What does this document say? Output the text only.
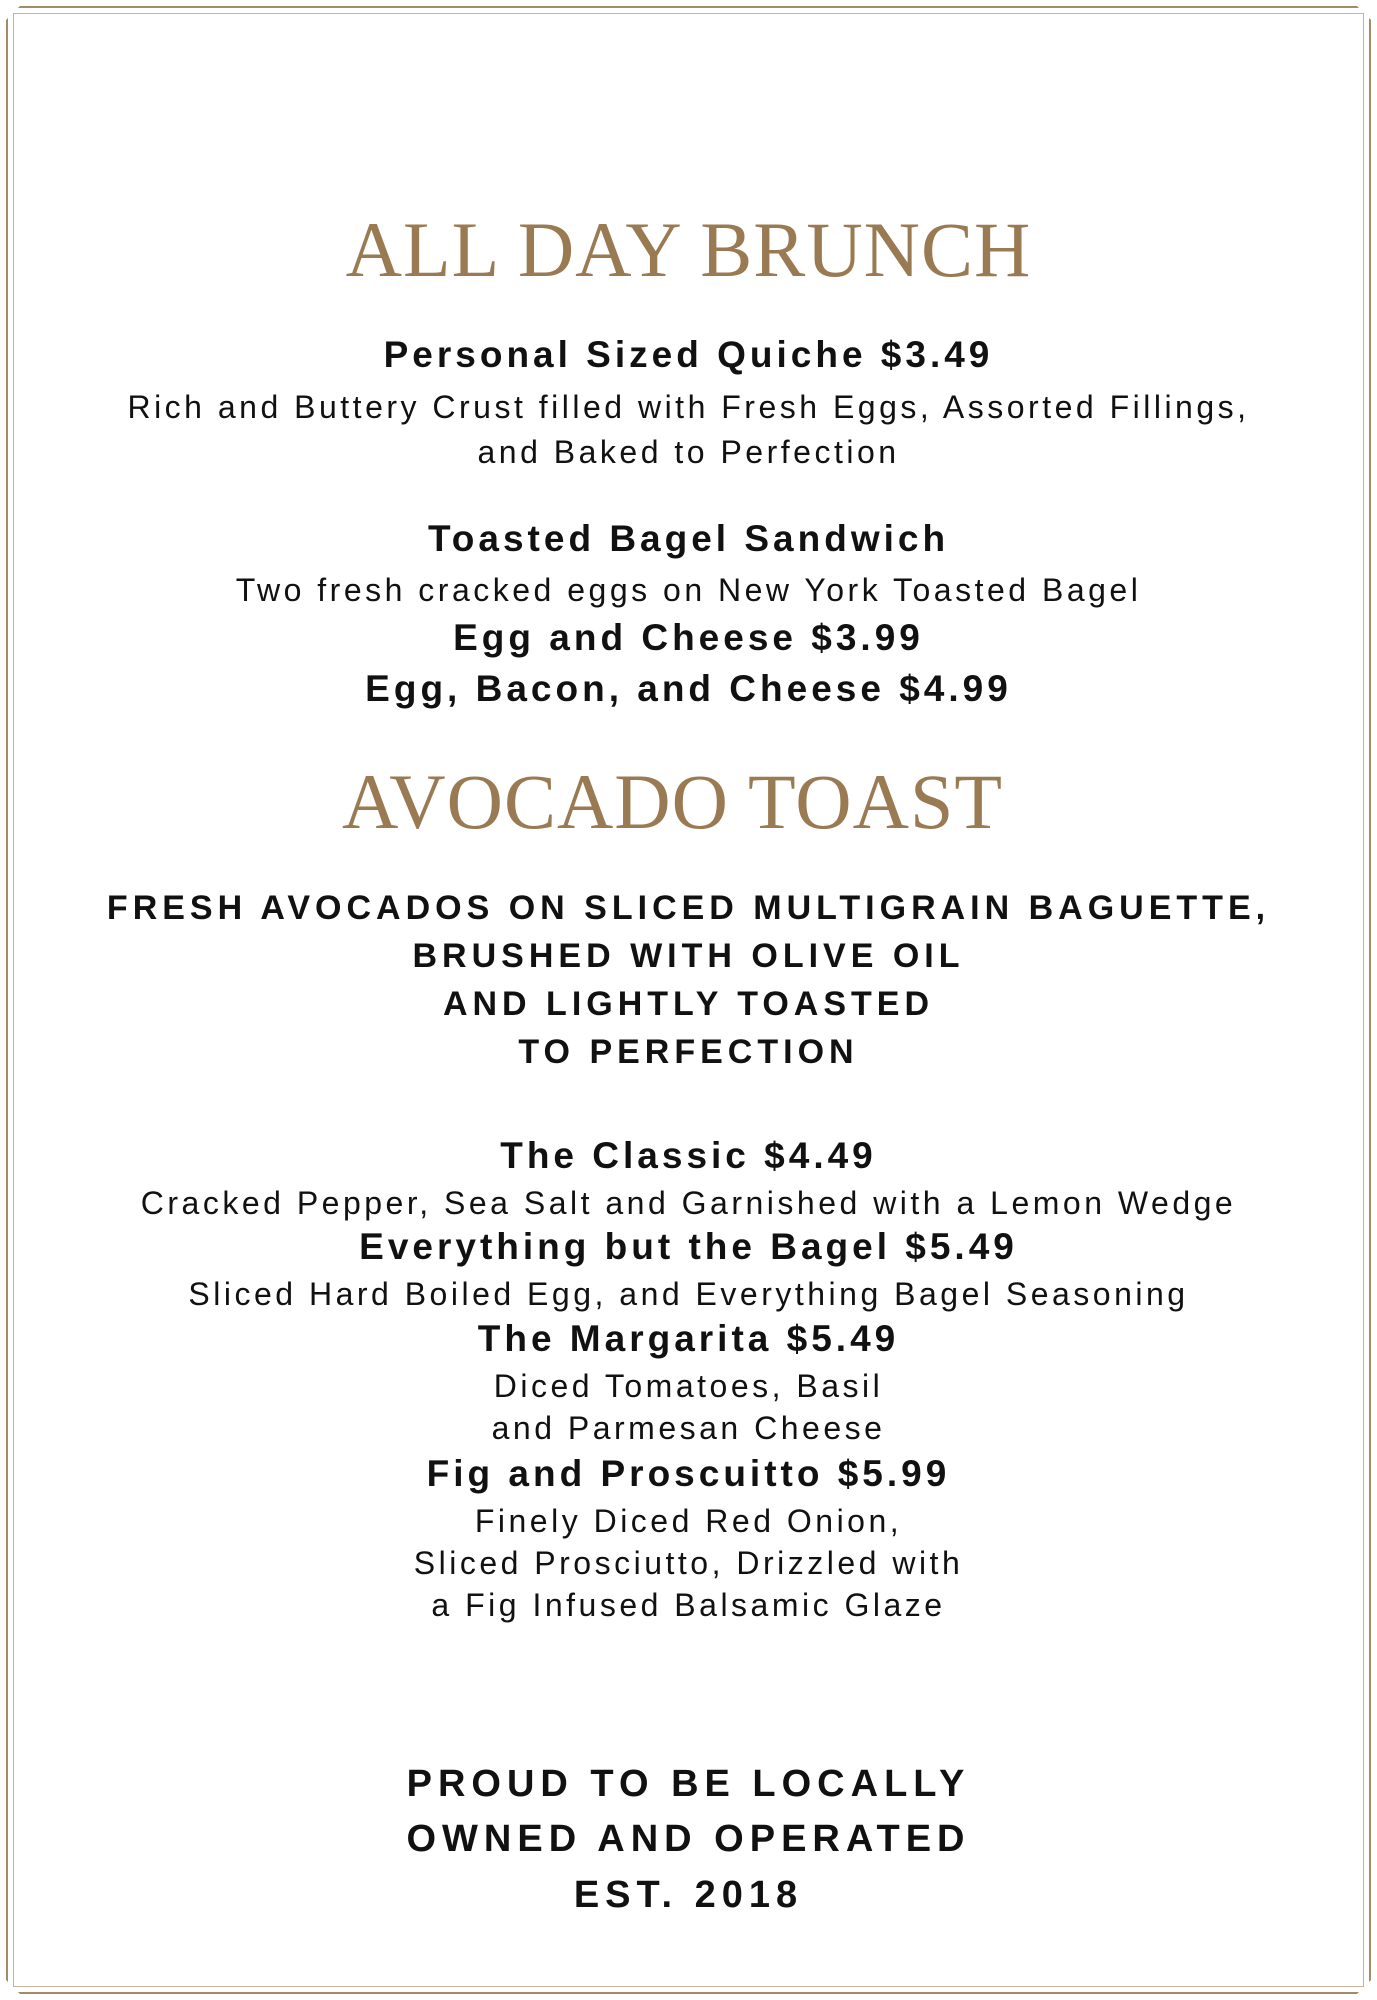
ALL DAY BRUNCH
Personal Sized Quiche $3.49
Rich and Buttery Crust filled with Fresh Eggs, Assorted Fillings,
and Baked to Perfection
Toasted Bagel Sandwich
Two fresh cracked eggs on New York Toasted Bagel
Egg and Cheese $3.99
Egg, Bacon, and Cheese $4.99
AVOCADO TOAST
FRESH AVOCADOS ON SLICED MULTIGRAIN BAGUETTE,
BRUSHED WITH OLIVE OIL
AND LIGHTLY TOASTED
TO PERFECTION
The Classic $4.49
Cracked Pepper, Sea Salt and Garnished with a Lemon Wedge
Everything but the Bagel $5.49
Sliced Hard Boiled Egg, and Everything Bagel Seasoning
The Margarita $5.49
Diced Tomatoes, Basil
and Parmesan Cheese
Fig and Proscuitto $5.99
Finely Diced Red Onion,
Sliced Prosciutto, Drizzled with
a Fig Infused Balsamic Glaze
PROUD TO BE LOCALLY
OWNED AND OPERATED
EST. 2018
